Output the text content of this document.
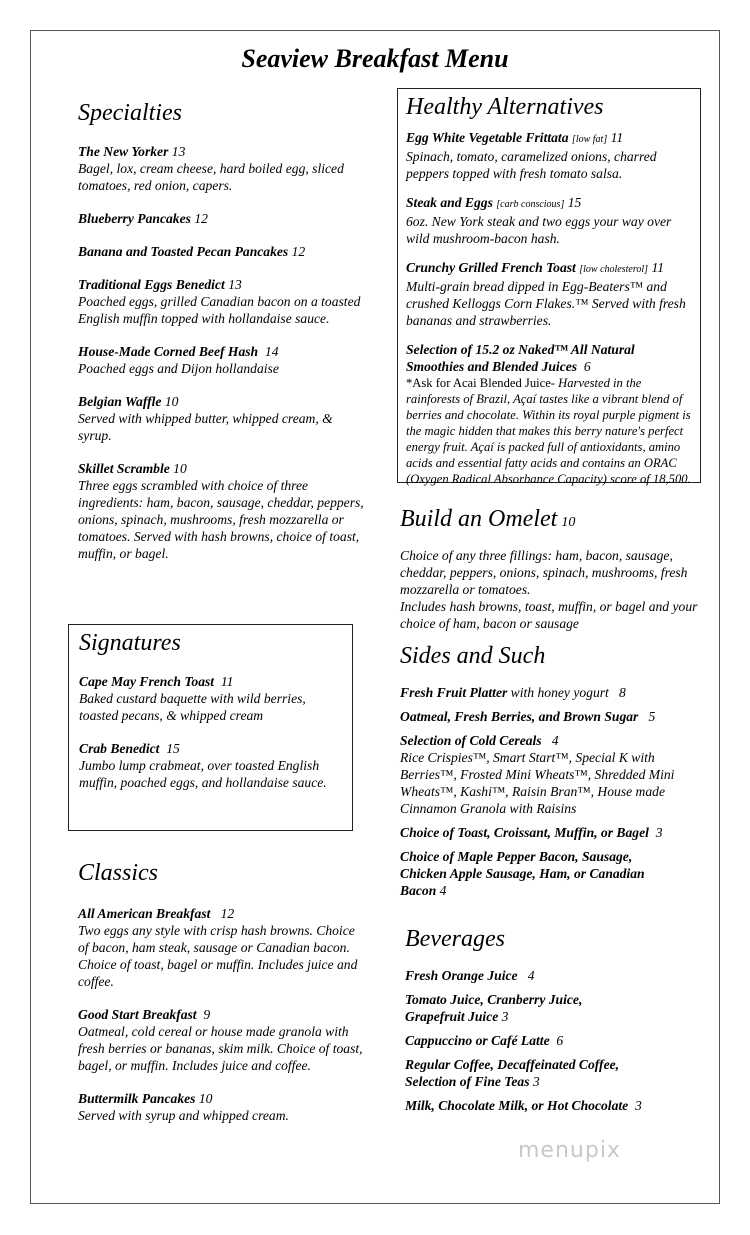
Seaview Breakfast Menu
Specialties
The New Yorker 13
Bagel, lox, cream cheese, hard boiled egg, sliced tomatoes, red onion, capers.
Blueberry Pancakes 12
Banana and Toasted Pecan Pancakes 12
Traditional Eggs Benedict 13
Poached eggs, grilled Canadian bacon on a toasted English muffin topped with hollandaise sauce.
House-Made Corned Beef Hash 14
Poached eggs and Dijon hollandaise
Belgian Waffle 10
Served with whipped butter, whipped cream, & syrup.
Skillet Scramble 10
Three eggs scrambled with choice of three ingredients: ham, bacon, sausage, cheddar, peppers, onions, spinach, mushrooms, fresh mozzarella or tomatoes. Served with hash browns, choice of toast, muffin, or bagel.
Signatures
Cape May French Toast 11
Baked custard baquette with wild berries, toasted pecans, & whipped cream
Crab Benedict 15
Jumbo lump crabmeat, over toasted English muffin, poached eggs, and hollandaise sauce.
Classics
All American Breakfast 12
Two eggs any style with crisp hash browns. Choice of bacon, ham steak, sausage or Canadian bacon. Choice of toast, bagel or muffin. Includes juice and coffee.
Good Start Breakfast 9
Oatmeal, cold cereal or house made granola with fresh berries or bananas, skim milk. Choice of toast, bagel, or muffin. Includes juice and coffee.
Buttermilk Pancakes 10
Served with syrup and whipped cream.
Healthy Alternatives
Egg White Vegetable Frittata [low fat] 11
Spinach, tomato, caramelized onions, charred peppers topped with fresh tomato salsa.
Steak and Eggs [carb conscious] 15
6oz. New York steak and two eggs your way over wild mushroom-bacon hash.
Crunchy Grilled French Toast [low cholesterol] 11
Multi-grain bread dipped in Egg-Beaters™ and crushed Kelloggs Corn Flakes.™ Served with fresh bananas and strawberries.
Selection of 15.2 oz Naked™ All Natural Smoothies and Blended Juices 6
*Ask for Acai Blended Juice- Harvested in the rainforests of Brazil, Açaí tastes like a vibrant blend of berries and chocolate. Within its royal purple pigment is the magic hidden that makes this berry nature's perfect energy fruit. Açaí is packed full of antioxidants, amino acids and essential fatty acids and contains an ORAC (Oxygen Radical Absorbance Capacity) score of 18,500.
Build an Omelet 10
Choice of any three fillings: ham, bacon, sausage, cheddar, peppers, onions, spinach, mushrooms, fresh mozzarella or tomatoes.
Includes hash browns, toast, muffin, or bagel and your choice of ham, bacon or sausage
Sides and Such
Fresh Fruit Platter with honey yogurt 8
Oatmeal, Fresh Berries, and Brown Sugar 5
Selection of Cold Cereals 4
Rice Crispies™, Smart Start™, Special K with Berries™, Frosted Mini Wheats™, Shredded Mini Wheats™, Kashi™, Raisin Bran™, House made Cinnamon Granola with Raisins
Choice of Toast, Croissant, Muffin, or Bagel 3
Choice of Maple Pepper Bacon, Sausage, Chicken Apple Sausage, Ham, or Canadian Bacon 4
Beverages
Fresh Orange Juice 4
Tomato Juice, Cranberry Juice, Grapefruit Juice 3
Cappuccino or Café Latte 6
Regular Coffee, Decaffeinated Coffee, Selection of Fine Teas 3
Milk, Chocolate Milk, or Hot Chocolate 3
menupix
